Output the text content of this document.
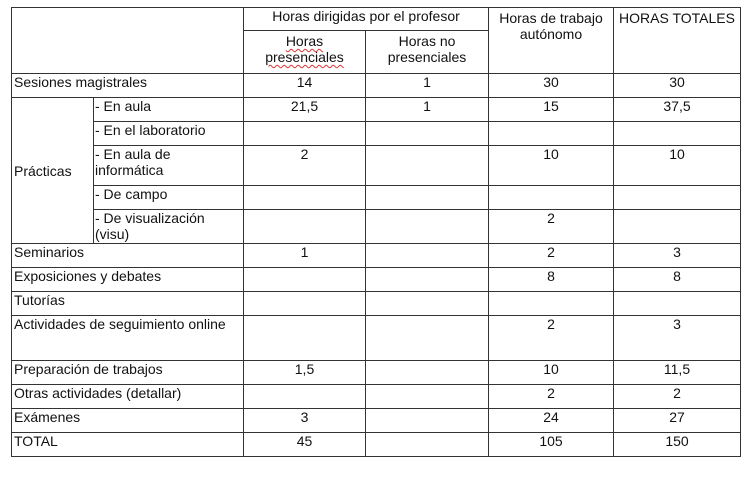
		Horas dirigidas por el profesor		Horas de trabajo autónomo	HORAS TOTALES
		Horas presenciales	Horas no presenciales		
Sesiones magistrales		14	1	30	30
Prácticas	- En aula	21,5	1	15	37,5
	- En el laboratorio				
	- En aula de informática	2		10	10
	- De campo				
	- De visualización (visu)			2	
Seminarios		1		2	3
Exposiciones y debates				8	8
Tutorías					
Actividades de seguimiento online				2	3
Preparación de trabajos		1,5		10	11,5
Otras actividades (detallar)				2	2
Exámenes		3		24	27
TOTAL		45		105	150
